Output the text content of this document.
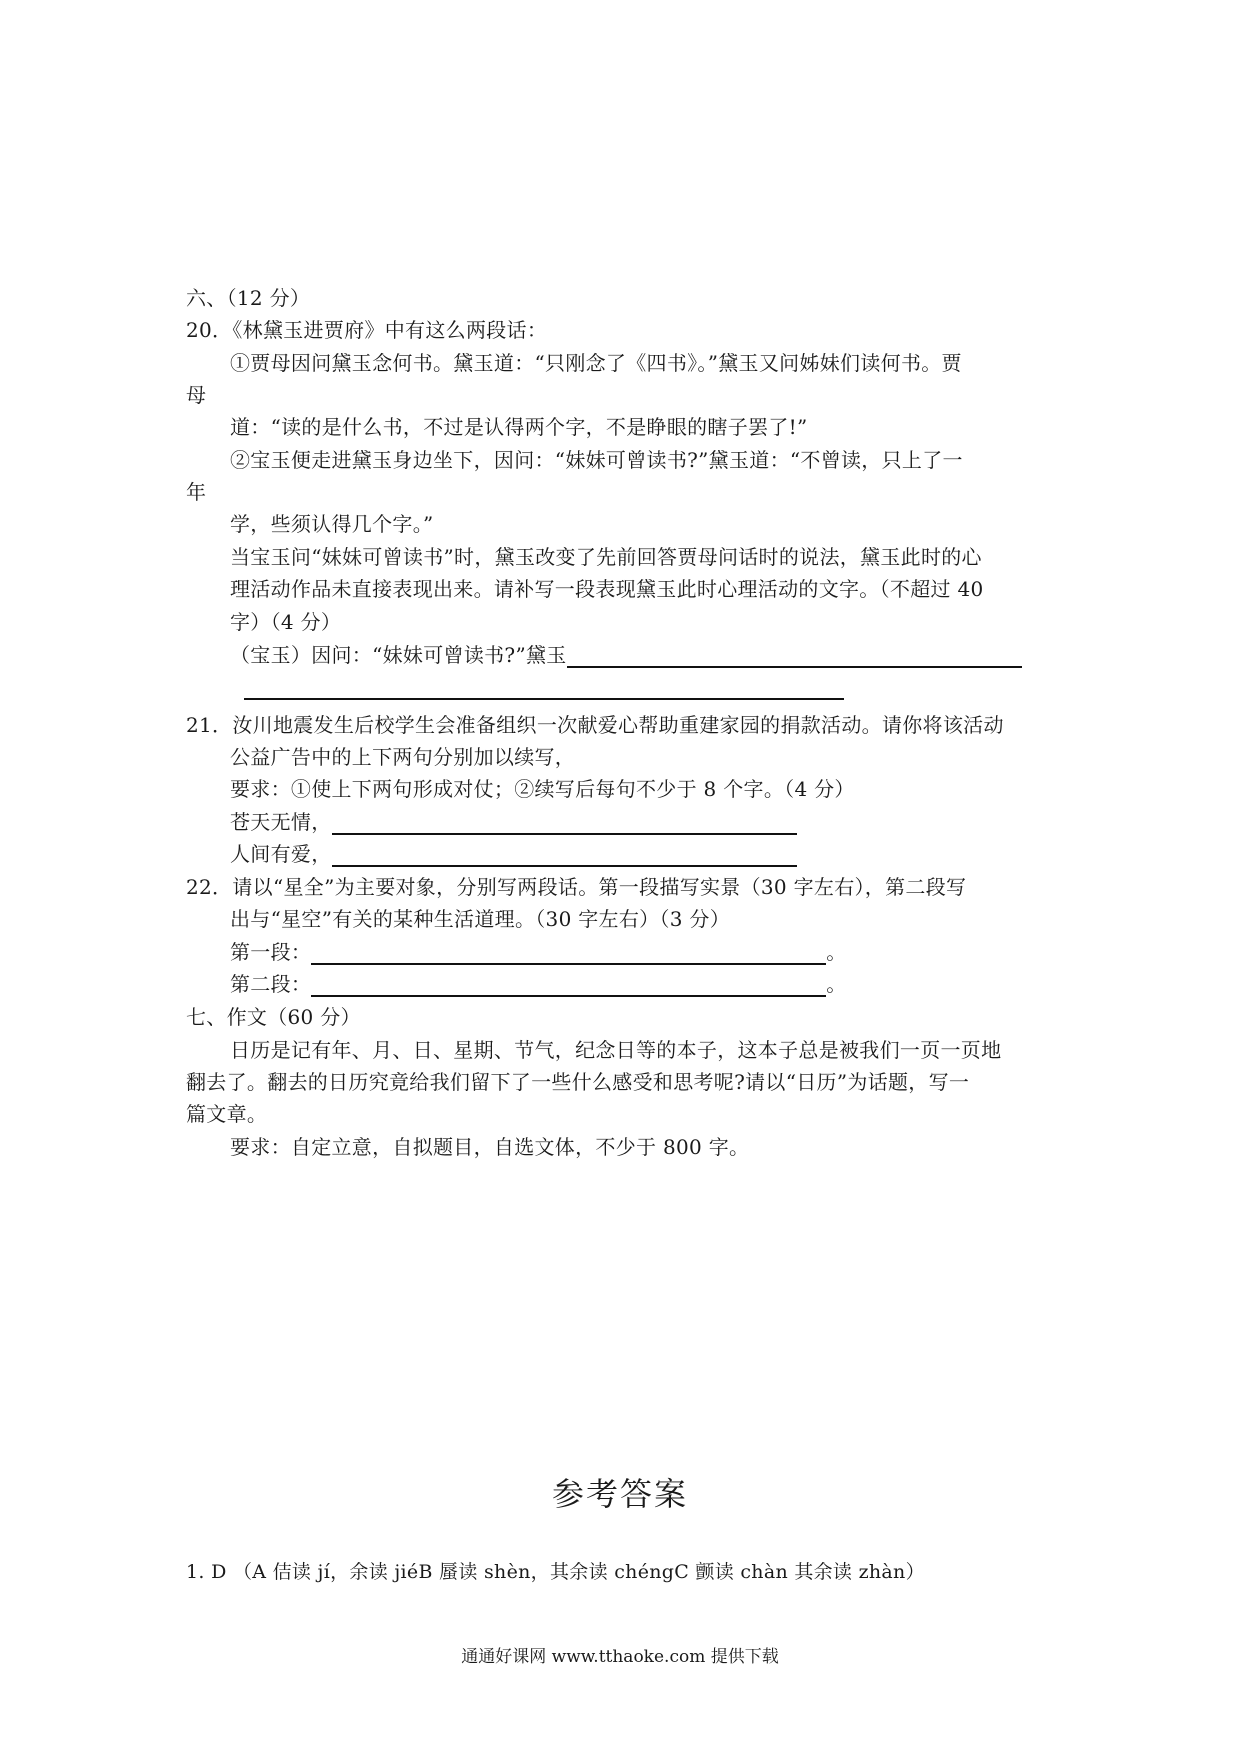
六、（12 分）
20．《林黛玉进贾府》中有这么两段话：
①贾母因问黛玉念何书。黛玉道：“只刚念了《四书》。”黛玉又问姊妹们读何书。贾
母
道：“读的是什么书，不过是认得两个字，不是睁眼的瞎子罢了!”
②宝玉便走进黛玉身边坐下，因问：“妹妹可曾读书?”黛玉道：“不曾读，只上了一
年
学，些须认得几个字。”
当宝玉问“妹妹可曾读书”时，黛玉改变了先前回答贾母问话时的说法，黛玉此时的心
理活动作品未直接表现出来。请补写一段表现黛玉此时心理活动的文字。（不超过 40
字）（4 分）
（宝玉）因问：“妹妹可曾读书?”黛玉
21．汝川地震发生后校学生会准备组织一次献爱心帮助重建家园的捐款活动。请你将该活动
公益广告中的上下两句分别加以续写，
要求：①使上下两句形成对仗；②续写后每句不少于 8 个字。（4 分）
苍天无情，
人间有爱，
22．请以“星全”为主要对象，分别写两段话。第一段描写实景（30 字左右），第二段写
出与“星空”有关的某种生活道理。（30 字左右）（3 分）
第一段：	。
第二段：	。
七、作文（60 分）
日历是记有年、月、日、星期、节气，纪念日等的本子，这本子总是被我们一页一页地
翻去了。翻去的日历究竟给我们留下了一些什么感受和思考呢?请以“日历”为话题，写一
篇文章。
要求：自定立意，自拟题目，自选文体，不少于 800 字。
参考答案
1. D （A 佶读 jí，余读 jiéB 蜃读 shèn，其余读 chéngC 颤读 chàn 其余读 zhàn）
通通好课网 www.tthaoke.com 提供下载
